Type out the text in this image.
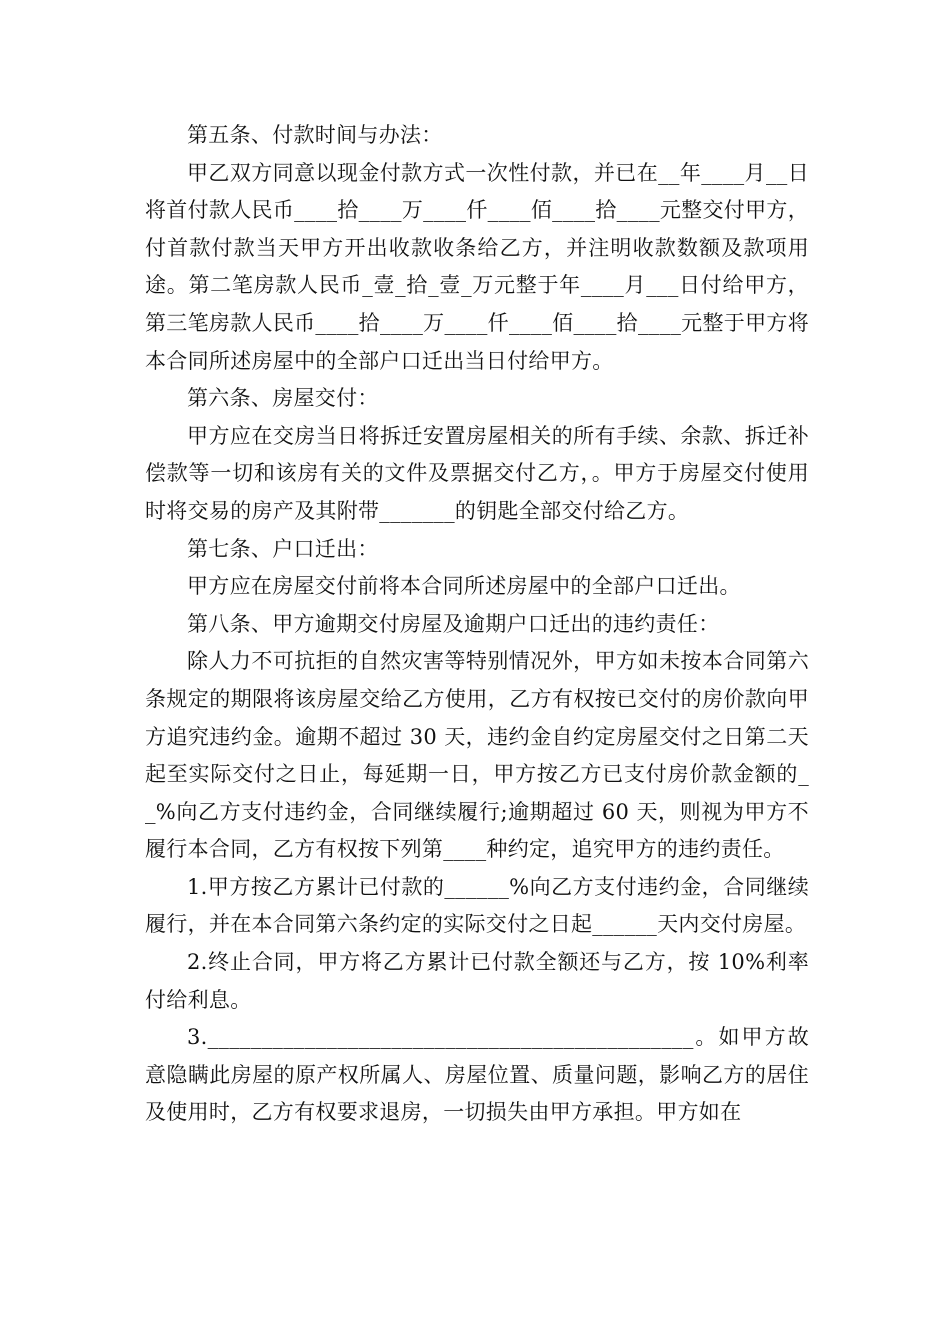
第五条、付款时间与办法：

甲乙双方同意以现金付款方式一次性付款，并已在__年____月__日将首付款人民币____拾____万____仟____佰____拾____元整交付甲方，付首款付款当天甲方开出收款收条给乙方，并注明收款数额及款项用途。第二笔房款人民币_壹_拾_壹_万元整于年____月___日付给甲方，第三笔房款人民币____拾____万____仟____佰____拾____元整于甲方将本合同所述房屋中的全部户口迁出当日付给甲方。

第六条、房屋交付：

甲方应在交房当日将拆迁安置房屋相关的所有手续、余款、拆迁补偿款等一切和该房有关的文件及票据交付乙方，。甲方于房屋交付使用时将交易的房产及其附带_______的钥匙全部交付给乙方。

第七条、户口迁出：

甲方应在房屋交付前将本合同所述房屋中的全部户口迁出。

第八条、甲方逾期交付房屋及逾期户口迁出的违约责任：

除人力不可抗拒的自然灾害等特别情况外，甲方如未按本合同第六条规定的期限将该房屋交给乙方使用，乙方有权按已交付的房价款向甲方追究违约金。逾期不超过 30 天，违约金自约定房屋交付之日第二天起至实际交付之日止，每延期一日，甲方按乙方已支付房价款金额的__%向乙方支付违约金，合同继续履行;逾期超过 60 天，则视为甲方不履行本合同，乙方有权按下列第____种约定，追究甲方的违约责任。

1.甲方按乙方累计已付款的______%向乙方支付违约金，合同继续履行，并在本合同第六条约定的实际交付之日起______天内交付房屋。

2.终止合同，甲方将乙方累计已付款全额还与乙方，按 10%利率付给利息。

3._____________________________________________。如甲方故意隐瞒此房屋的原产权所属人、房屋位置、质量问题，影响乙方的居住及使用时，乙方有权要求退房，一切损失由甲方承担。甲方如在
